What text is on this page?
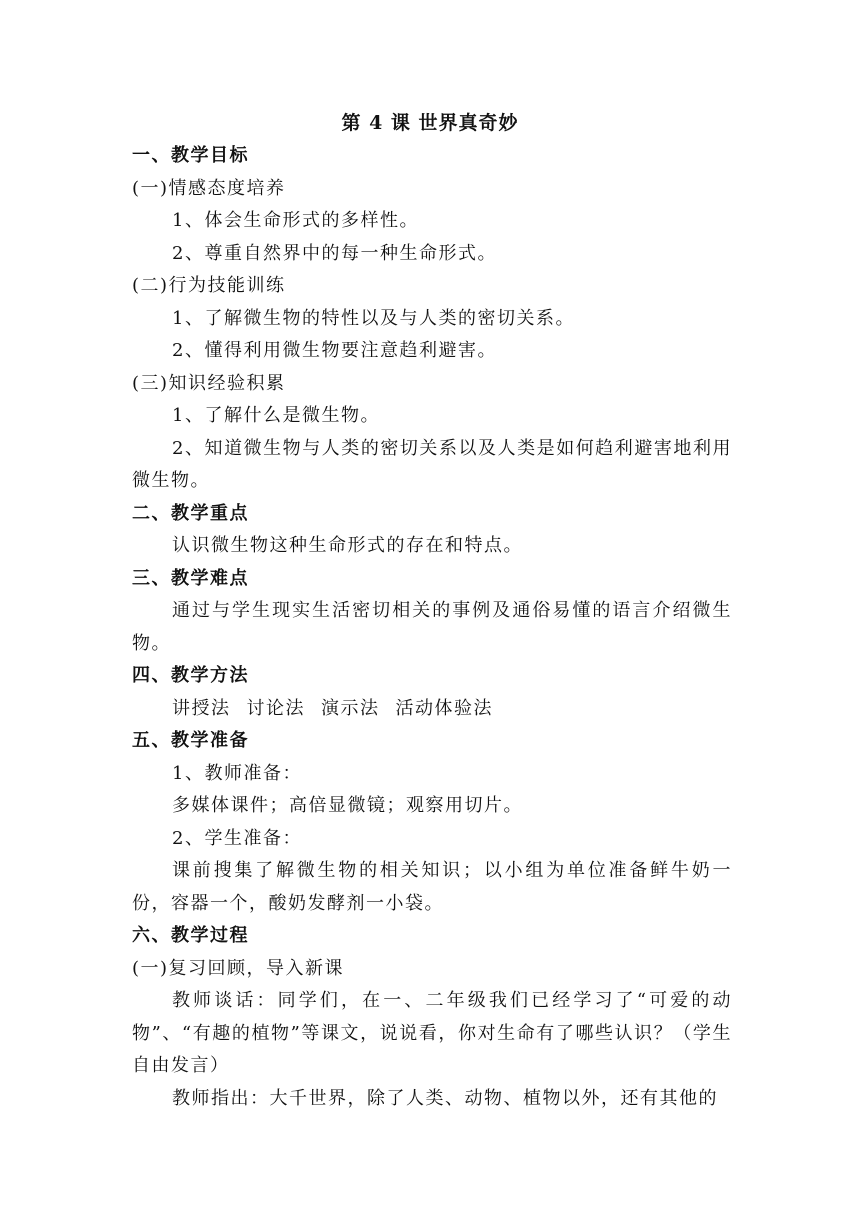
第 4 课 世界真奇妙
一、教学目标
(一)情感态度培养
1、体会生命形式的多样性。
2、尊重自然界中的每一种生命形式。
(二)行为技能训练
1、了解微生物的特性以及与人类的密切关系。
2、懂得利用微生物要注意趋利避害。
(三)知识经验积累
1、了解什么是微生物。
2、知道微生物与人类的密切关系以及人类是如何趋利避害地利用微生物。
二、教学重点
认识微生物这种生命形式的存在和特点。
三、教学难点
通过与学生现实生活密切相关的事例及通俗易懂的语言介绍微生物。
四、教学方法
讲授法 讨论法 演示法 活动体验法
五、教学准备
1、教师准备：
多媒体课件；高倍显微镜；观察用切片。
2、学生准备：
课前搜集了解微生物的相关知识；以小组为单位准备鲜牛奶一份，容器一个，酸奶发酵剂一小袋。
六、教学过程
(一)复习回顾，导入新课
教师谈话：同学们，在一、二年级我们已经学习了“可爱的动物”、“有趣的植物”等课文，说说看，你对生命有了哪些认识？（学生自由发言）
教师指出：大千世界，除了人类、动物、植物以外，还有其他的
